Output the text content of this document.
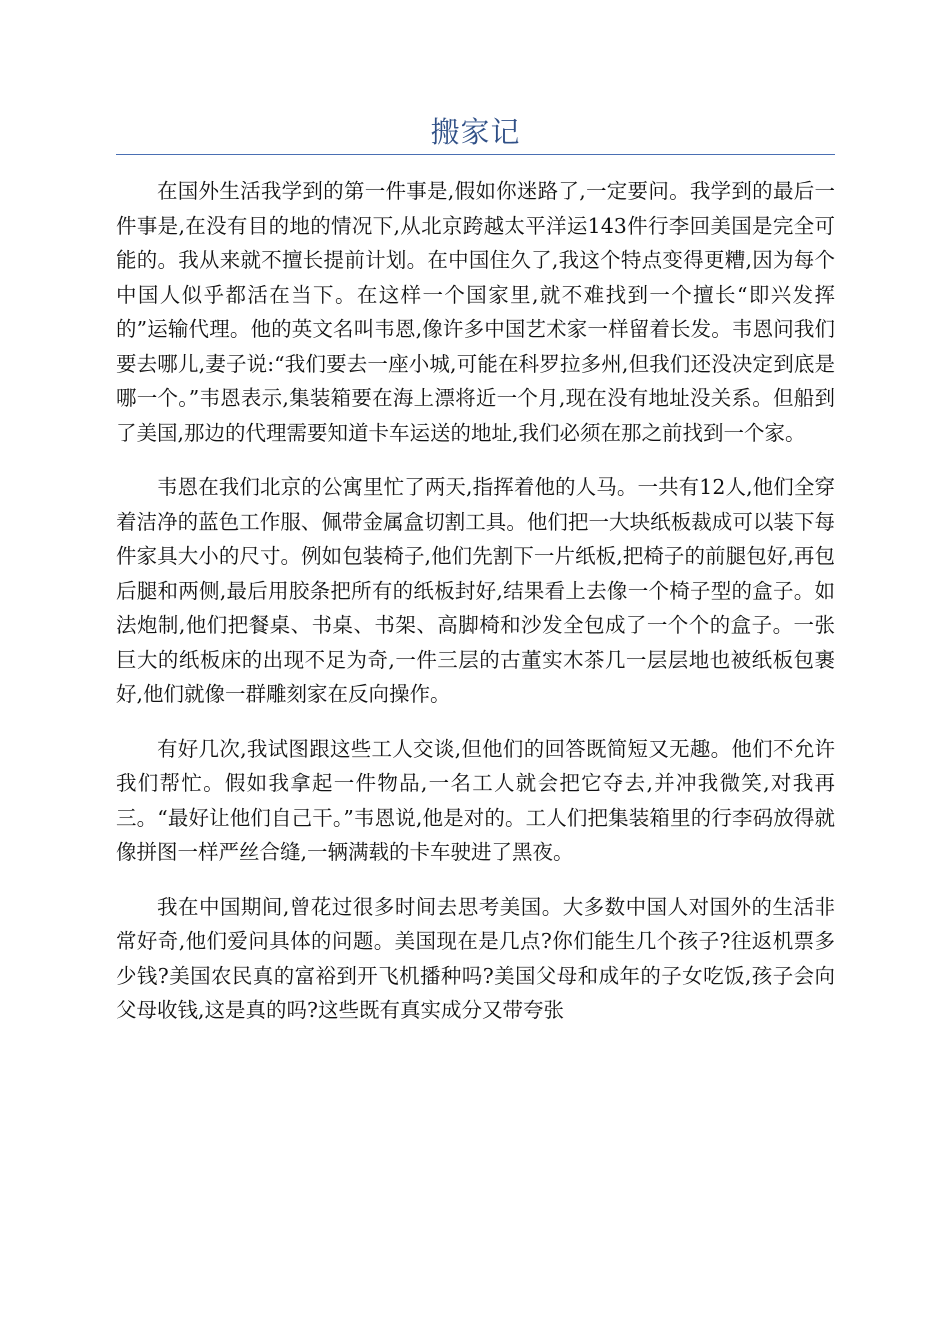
搬家记

在国外生活我学到的第一件事是,假如你迷路了,一定要问。我学到的最后一件事是,在没有目的地的情况下,从北京跨越太平洋运143件行李回美国是完全可能的。我从来就不擅长提前计划。在中国住久了,我这个特点变得更糟,因为每个中国人似乎都活在当下。在这样一个国家里,就不难找到一个擅长“即兴发挥的”运输代理。他的英文名叫韦恩,像许多中国艺术家一样留着长发。韦恩问我们要去哪儿,妻子说:“我们要去一座小城,可能在科罗拉多州,但我们还没决定到底是哪一个。”韦恩表示,集装箱要在海上漂将近一个月,现在没有地址没关系。但船到了美国,那边的代理需要知道卡车运送的地址,我们必须在那之前找到一个家。

韦恩在我们北京的公寓里忙了两天,指挥着他的人马。一共有12人,他们全穿着洁净的蓝色工作服、佩带金属盒切割工具。他们把一大块纸板裁成可以装下每件家具大小的尺寸。例如包装椅子,他们先割下一片纸板,把椅子的前腿包好,再包后腿和两侧,最后用胶条把所有的纸板封好,结果看上去像一个椅子型的盒子。如法炮制,他们把餐桌、书桌、书架、高脚椅和沙发全包成了一个个的盒子。一张巨大的纸板床的出现不足为奇,一件三层的古董实木茶几一层层地也被纸板包裹好,他们就像一群雕刻家在反向操作。

有好几次,我试图跟这些工人交谈,但他们的回答既简短又无趣。他们不允许我们帮忙。假如我拿起一件物品,一名工人就会把它夺去,并冲我微笑,对我再三。“最好让他们自己干。”韦恩说,他是对的。工人们把集装箱里的行李码放得就像拼图一样严丝合缝,一辆满载的卡车驶进了黑夜。

我在中国期间,曾花过很多时间去思考美国。大多数中国人对国外的生活非常好奇,他们爱问具体的问题。美国现在是几点?你们能生几个孩子?往返机票多少钱?美国农民真的富裕到开飞机播种吗?美国父母和成年的子女吃饭,孩子会向父母收钱,这是真的吗?这些既有真实成分又带夸张
